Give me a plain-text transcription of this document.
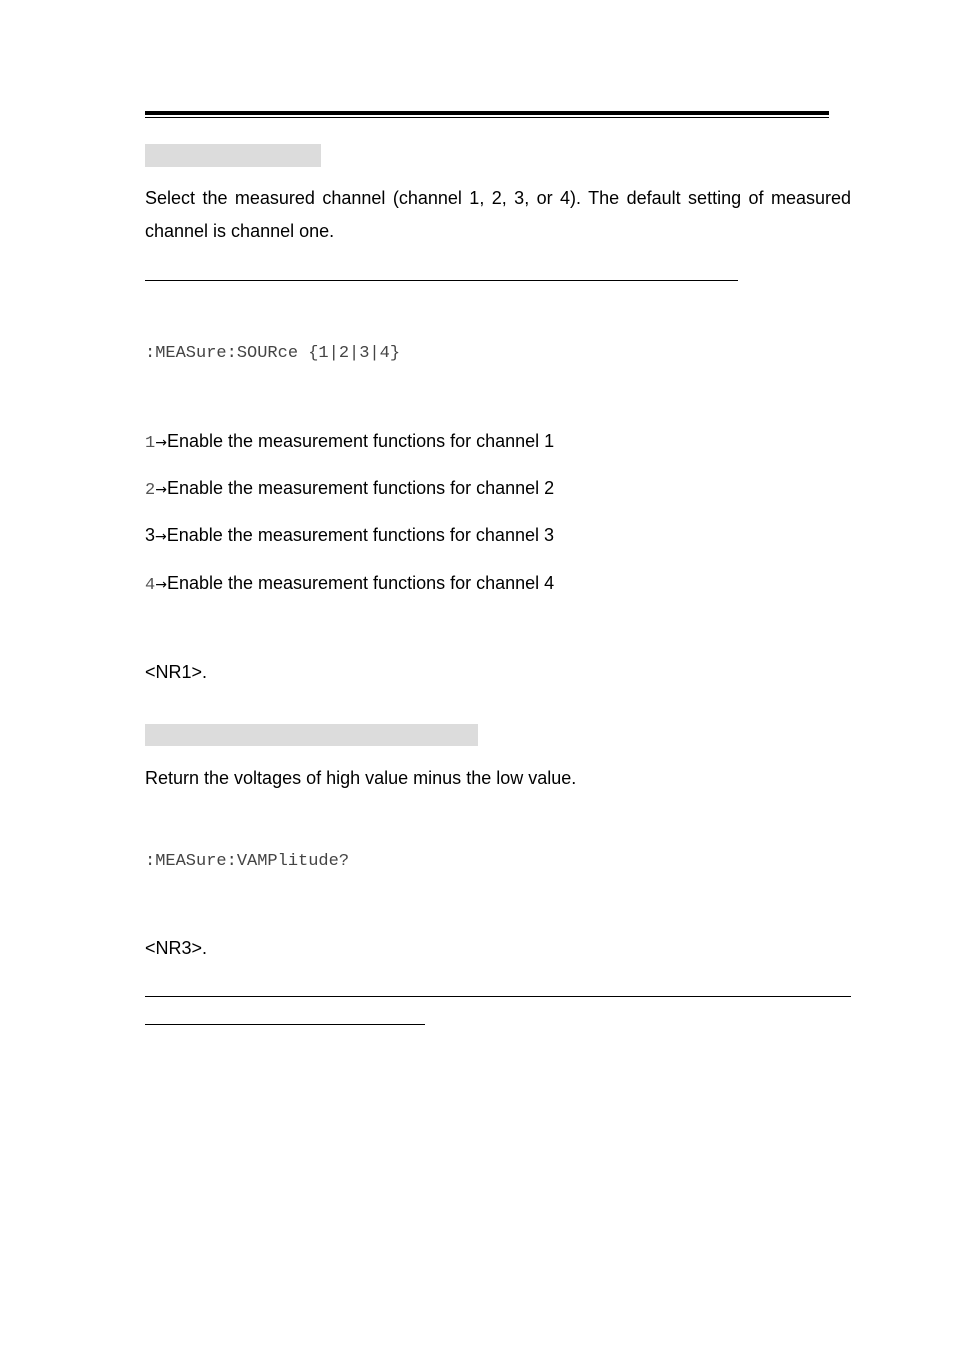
Select the measured channel (channel 1, 2, 3, or 4). The default setting of measured channel is channel one.
:MEASure:SOURce {1|2|3|4}
1→Enable the measurement functions for channel 1
2→Enable the measurement functions for channel 2
3→Enable the measurement functions for channel 3
4→Enable the measurement functions for channel 4
<NR1>.
Return the voltages of high value minus the low value.
:MEASure:VAMPlitude?
<NR3>.
